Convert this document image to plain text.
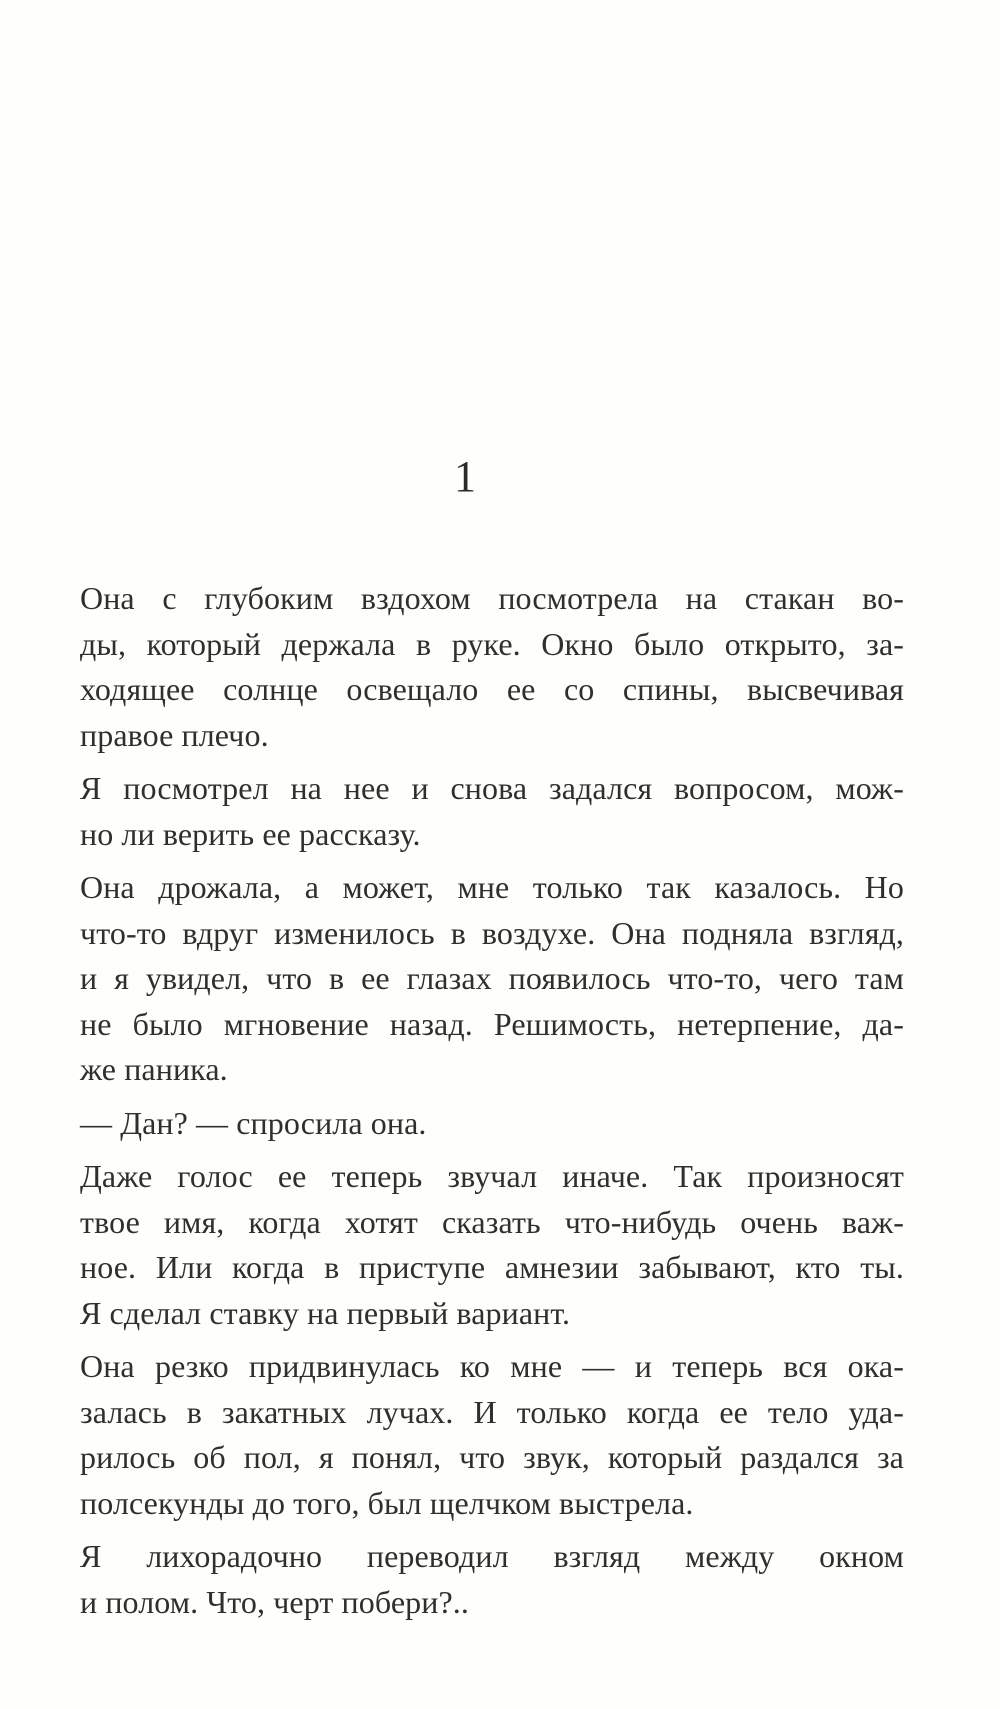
1
Она с глубоким вздохом посмотрела на стакан во-
ды, который держала в руке. Окно было открыто, за-
ходящее солнце освещало ее со спины, высвечивая
правое плечо.
Я посмотрел на нее и снова задался вопросом, мож-
но ли верить ее рассказу.
Она дрожала, а может, мне только так казалось. Но
что-то вдруг изменилось в воздухе. Она подняла взгляд,
и я увидел, что в ее глазах появилось что-то, чего там
не было мгновение назад. Решимость, нетерпение, да-
же паника.
— Дан? — спросила она.
Даже голос ее теперь звучал иначе. Так произносят
твое имя, когда хотят сказать что-нибудь очень важ-
ное. Или когда в приступе амнезии забывают, кто ты.
Я сделал ставку на первый вариант.
Она резко придвинулась ко мне — и теперь вся ока-
залась в закатных лучах. И только когда ее тело уда-
рилось об пол, я понял, что звук, который раздался за
полсекунды до того, был щелчком выстрела.
Я лихорадочно переводил взгляд между окном
и полом. Что, черт побери?..
